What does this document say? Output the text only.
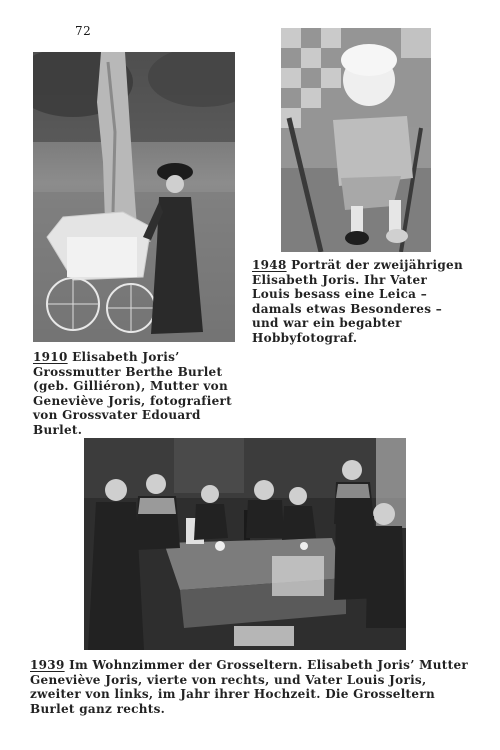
72
1910 Elisabeth Joris’ Grossmutter Berthe Burlet (geb. Gilliéron), Mutter von Geneviève Joris, fotografiert von Grossvater Edouard Burlet.
1948 Porträt der zweijährigen Elisabeth Joris. Ihr Vater Louis besass eine Leica – damals etwas Besonderes – und war ein begabter Hobbyfotograf.
1939 Im Wohnzimmer der Grosseltern. Elisabeth Joris’ Mutter Geneviève Joris, vierte von rechts, und Vater Louis Joris, zweiter von links, im Jahr ihrer Hochzeit. Die Grosseltern Burlet ganz rechts.
